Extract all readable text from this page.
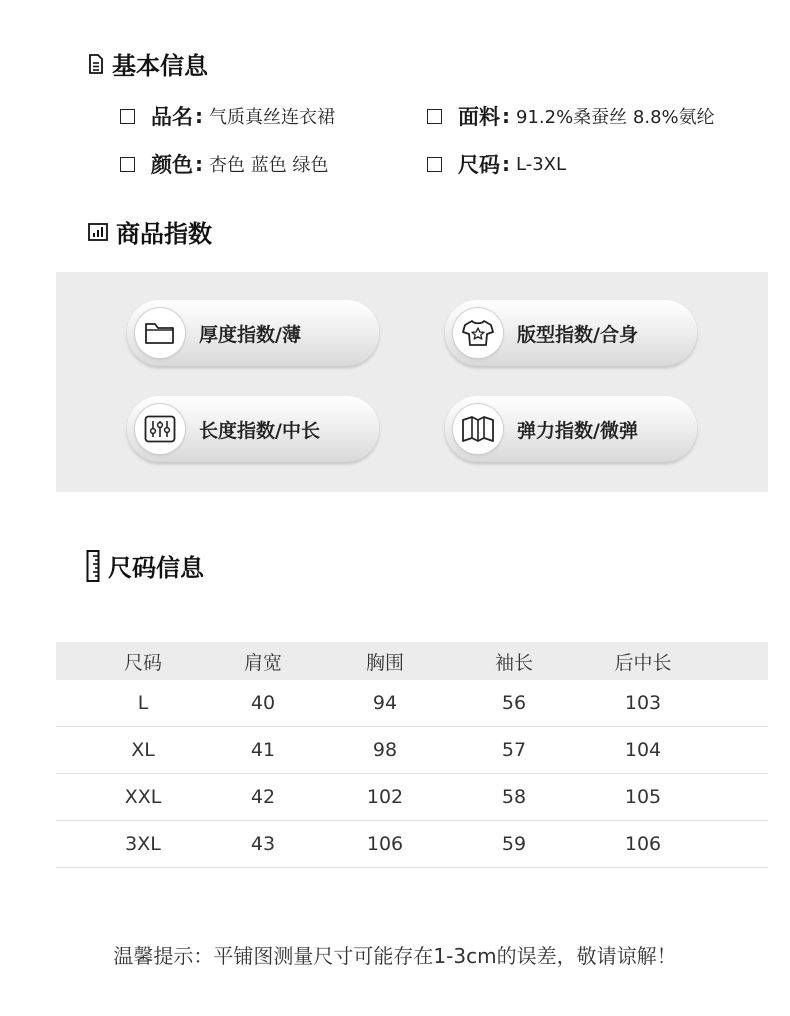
基本信息
品名 : 气质真丝连衣裙	面料 : 91.2%桑蚕丝 8.8%氨纶
颜色 : 杏色 蓝色 绿色	尺码 : L-3XL
商品指数
厚度指数/薄	版型指数/合身
长度指数/中长	弹力指数/微弹
尺码信息
尺码	肩宽	胸围	袖长	后中长
L	40	94	56	103
XL	41	98	57	104
XXL	42	102	58	105
3XL	43	106	59	106
温馨提示：平铺图测量尺寸可能存在1-3cm的误差，敬请谅解！
